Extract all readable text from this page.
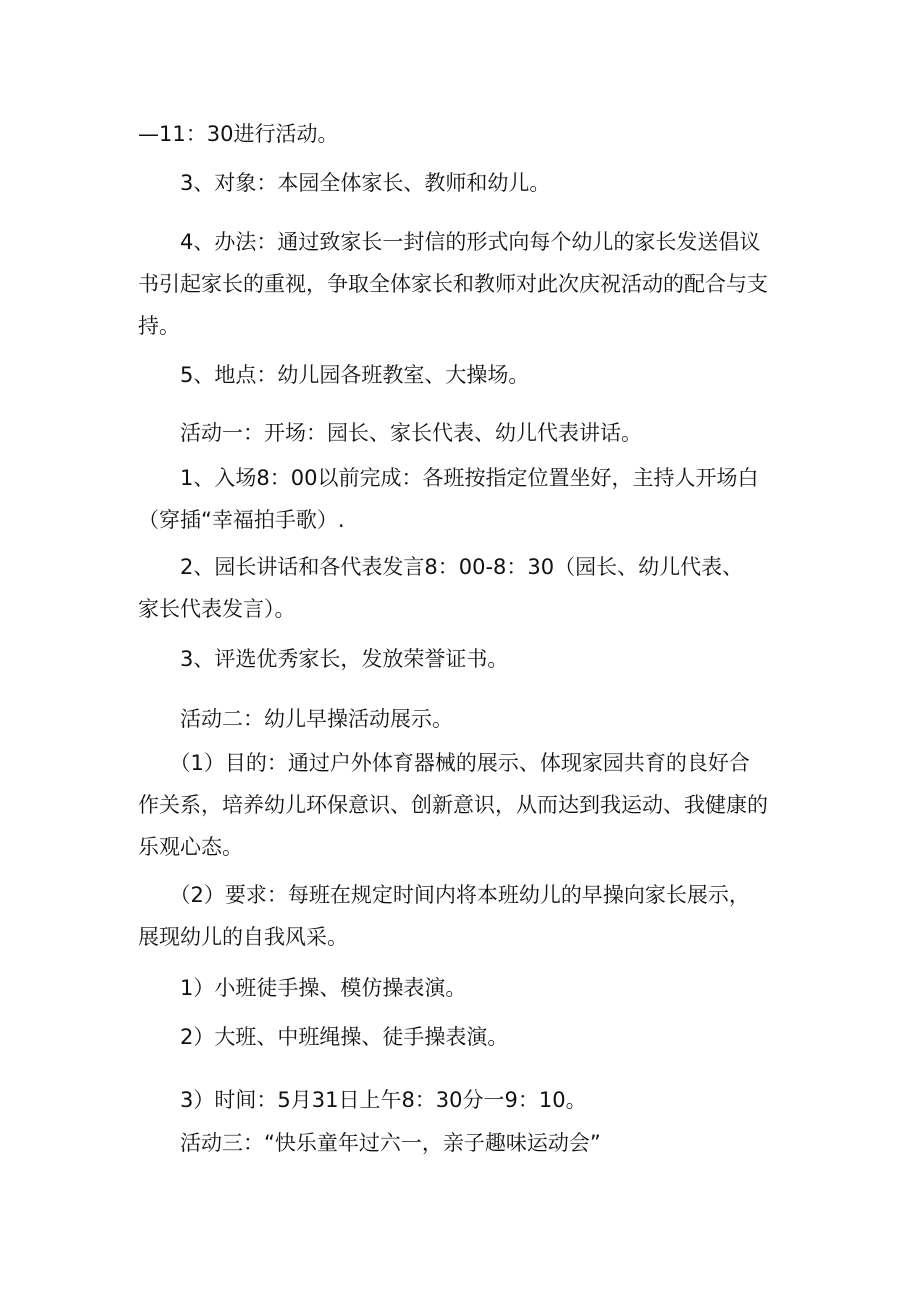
—11：30进行活动。

　　3、对象：本园全体家长、教师和幼儿。

　　4、办法：通过致家长一封信的形式向每个幼儿的家长发送倡议
书引起家长的重视，争取全体家长和教师对此次庆祝活动的配合与支
持。

　　5、地点：幼儿园各班教室、大操场。

　　活动一：开场：园长、家长代表、幼儿代表讲话。

　　1、入场8：00以前完成：各班按指定位置坐好，主持人开场白
（穿插“幸福拍手歌）.

　　2、园长讲话和各代表发言8：00-8：30（园长、幼儿代表、
家长代表发言）。

　　3、评选优秀家长，发放荣誉证书。

　　活动二：幼儿早操活动展示。

　　（1）目的：通过户外体育器械的展示、体现家园共育的良好合
作关系，培养幼儿环保意识、创新意识，从而达到我运动、我健康的
乐观心态。

　　（2）要求：每班在规定时间内将本班幼儿的早操向家长展示，
展现幼儿的自我风采。

　　1）小班徒手操、模仿操表演。

　　2）大班、中班绳操、徒手操表演。

　　3）时间：5月31日上午8：30分一9：10。

　　活动三：“快乐童年过六一，亲子趣味运动会”
